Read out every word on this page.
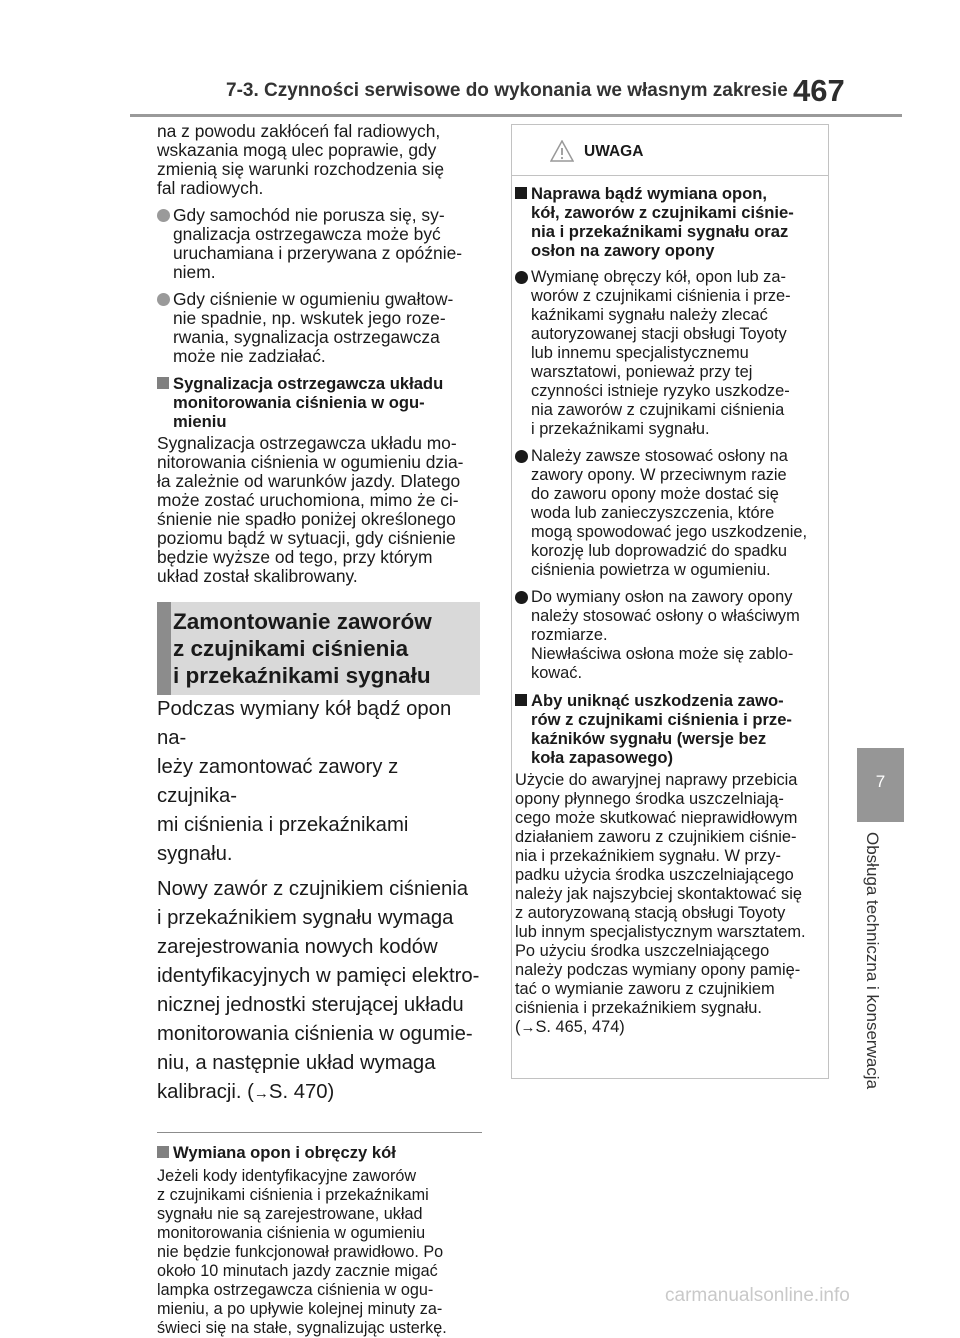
7-3. Czynności serwisowe do wykonania we własnym zakresie 467

na z powodu zakłóceń fal radiowych,
wskazania mogą ulec poprawie, gdy
zmienią się warunki rozchodzenia się
fal radiowych.

Gdy samochód nie porusza się, sy-
gnalizacja ostrzegawcza może być
uruchamiana i przerywana z opóźnie-
niem.
Gdy ciśnienie w ogumieniu gwałtow-
nie spadnie, np. wskutek jego roze-
rwania, sygnalizacja ostrzegawcza
może nie zadziałać.
Sygnalizacja ostrzegawcza układu
monitorowania ciśnienia w ogu-
mieniu

Sygnalizacja ostrzegawcza układu mo-
nitorowania ciśnienia w ogumieniu dzia-
ła zależnie od warunków jazdy. Dlatego
może zostać uruchomiona, mimo że ci-
śnienie nie spadło poniżej określonego
poziomu bądź w sytuacji, gdy ciśnienie
będzie wyższe od tego, przy którym
układ został skalibrowany.

Zamontowanie zaworów
z czujnikami ciśnienia
i przekaźnikami sygnału

Podczas wymiany kół bądź opon na-
leży zamontować zawory z czujnika-
mi ciśnienia i przekaźnikami sygnału.

Nowy zawór z czujnikiem ciśnienia
i przekaźnikiem sygnału wymaga
zarejestrowania nowych kodów
identyfikacyjnych w pamięci elektro-
nicznej jednostki sterującej układu
monitorowania ciśnienia w ogumie-
niu, a następnie układ wymaga
kalibracji. (→S. 470)

Wymiana opon i obręczy kół

Jeżeli kody identyfikacyjne zaworów
z czujnikami ciśnienia i przekaźnikami
sygnału nie są zarejestrowane, układ
monitorowania ciśnienia w ogumieniu
nie będzie funkcjonował prawidłowo. Po
około 10 minutach jazdy zacznie migać
lampka ostrzegawcza ciśnienia w ogu-
mieniu, a po upływie kolejnej minuty za-
świeci się na stałe, sygnalizując usterkę.

UWAGA
Naprawa bądź wymiana opon,
kół, zaworów z czujnikami ciśnie-
nia i przekaźnikami sygnału oraz
osłon na zawory opony
Wymianę obręczy kół, opon lub za-
worów z czujnikami ciśnienia i prze-
kaźnikami sygnału należy zlecać
autoryzowanej stacji obsługi Toyoty
lub innemu specjalistycznemu
warsztatowi, ponieważ przy tej
czynności istnieje ryzyko uszkodze-
nia zaworów z czujnikami ciśnienia
i przekaźnikami sygnału.
Należy zawsze stosować osłony na
zawory opony. W przeciwnym razie
do zaworu opony może dostać się
woda lub zanieczyszczenia, które
mogą spowodować jego uszkodzenie,
korozję lub doprowadzić do spadku
ciśnienia powietrza w ogumieniu.
Do wymiany osłon na zawory opony
należy stosować osłony o właściwym
rozmiarze.
Niewłaściwa osłona może się zablo-
kować.
Aby uniknąć uszkodzenia zawo-
rów z czujnikami ciśnienia i prze-
kaźników sygnału (wersje bez
koła zapasowego)

Użycie do awaryjnej naprawy przebicia
opony płynnego środka uszczelniają-
cego może skutkować nieprawidłowym
działaniem zaworu z czujnikiem ciśnie-
nia i przekaźnikiem sygnału. W przy-
padku użycia środka uszczelniającego
należy jak najszybciej skontaktować się
z autoryzowaną stacją obsługi Toyoty
lub innym specjalistycznym warsztatem.
Po użyciu środka uszczelniającego
należy podczas wymiany opony pamię-
tać o wymianie zaworu z czujnikiem
ciśnienia i przekaźnikiem sygnału.
(→S. 465, 474)

7
Obsługa techniczna i konserwacja
carmanualsonline.info
